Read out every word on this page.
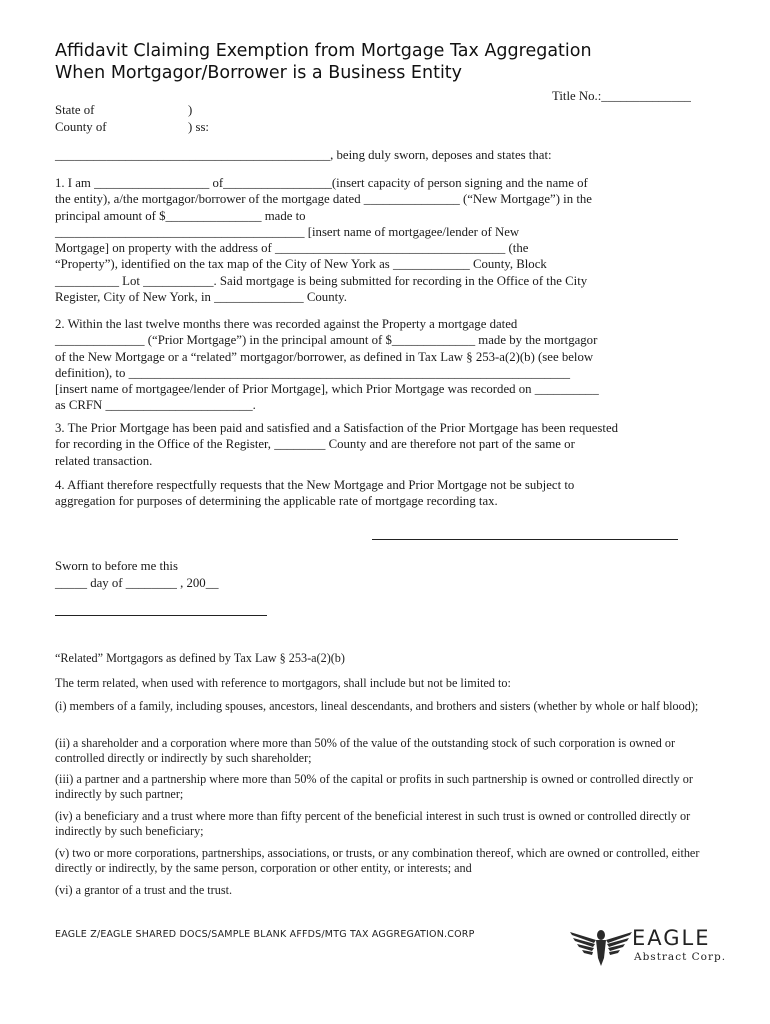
Affidavit Claiming Exemption from Mortgage Tax Aggregation
When Mortgagor/Borrower is a Business Entity
Title No.:______________
State of	)
County of	) ss:
___________________________________________, being duly sworn, deposes and states that:
1. I am __________________ of_________________(insert capacity of person signing and the name of
the entity), a/the mortgagor/borrower of the mortgage dated _______________ (“New Mortgage”) in the
principal amount of $_______________ made to
_______________________________________ [insert name of mortgagee/lender of New
Mortgage] on property with the address of ____________________________________ (the
“Property”), identified on the tax map of the City of New York as ____________ County, Block
__________ Lot ___________. Said mortgage is being submitted for recording in the Office of the City
Register, City of New York, in ______________ County.
2. Within the last twelve months there was recorded against the Property a mortgage dated
______________ (“Prior Mortgage”) in the principal amount of $_____________ made by the mortgagor
of the New Mortgage or a “related” mortgagor/borrower, as defined in Tax Law § 253-a(2)(b) (see below
definition), to _____________________________________________________________________
[insert name of mortgagee/lender of Prior Mortgage], which Prior Mortgage was recorded on __________
as CRFN _______________________.
3. The Prior Mortgage has been paid and satisfied and a Satisfaction of the Prior Mortgage has been requested
for recording in the Office of the Register, ________ County and are therefore not part of the same or
related transaction.
4. Affiant therefore respectfully requests that the New Mortgage and Prior Mortgage not be subject to
aggregation for purposes of determining the applicable rate of mortgage recording tax.
Sworn to before me this
_____ day of ________ , 200__
“Related” Mortgagors as defined by Tax Law § 253-a(2)(b)
The term related, when used with reference to mortgagors, shall include but not be limited to:

(i) members of a family, including spouses, ancestors, lineal descendants, and brothers and sisters (whether by whole or half blood);

(ii) a shareholder and a corporation where more than 50% of the value of the outstanding stock of such corporation is owned or controlled directly or indirectly by such shareholder;

(iii) a partner and a partnership where more than 50% of the capital or profits in such partnership is owned or controlled directly or indirectly by such partner;

(iv) a beneficiary and a trust where more than fifty percent of the beneficial interest in such trust is owned or controlled directly or indirectly by such beneficiary;

(v) two or more corporations, partnerships, associations, or trusts, or any combination thereof, which are owned or controlled, either directly or indirectly, by the same person, corporation or other entity, or interests; and

(vi) a grantor of a trust and the trust.

EAGLE Z/EAGLE SHARED DOCS/SAMPLE BLANK AFFDS/MTG TAX AGGREGATION.CORP	EAGLE
Abstract Corp.
